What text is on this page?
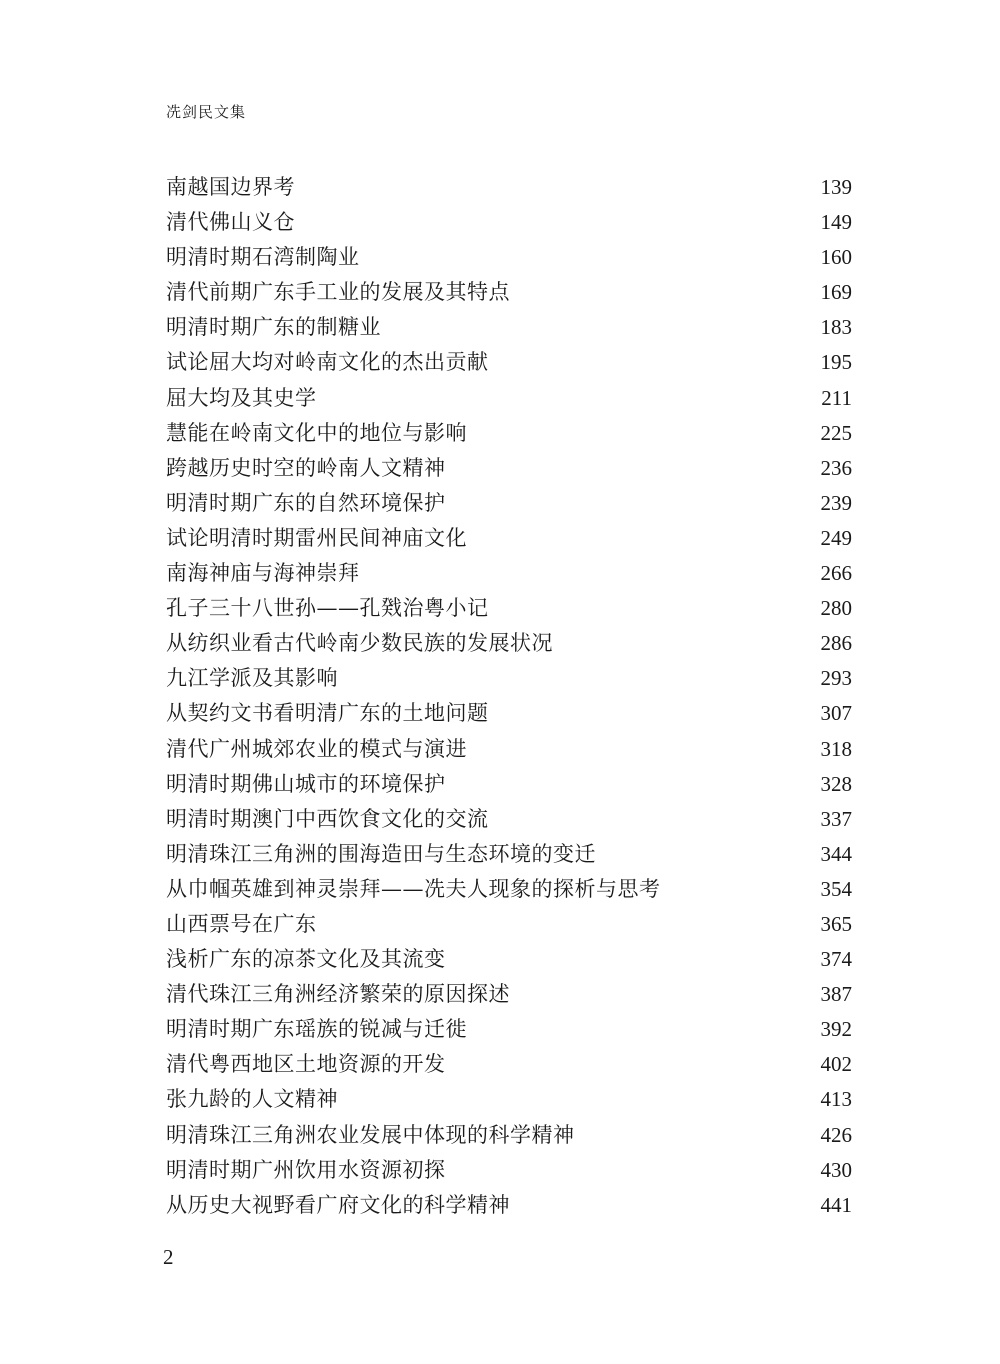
冼剑民文集
南越国边界考	139
清代佛山义仓	149
明清时期石湾制陶业	160
清代前期广东手工业的发展及其特点	169
明清时期广东的制糖业	183
试论屈大均对岭南文化的杰出贡献	195
屈大均及其史学	211
慧能在岭南文化中的地位与影响	225
跨越历史时空的岭南人文精神	236
明清时期广东的自然环境保护	239
试论明清时期雷州民间神庙文化	249
南海神庙与海神崇拜	266
孔子三十八世孙——孔戣治粤小记	280
从纺织业看古代岭南少数民族的发展状况	286
九江学派及其影响	293
从契约文书看明清广东的土地问题	307
清代广州城郊农业的模式与演进	318
明清时期佛山城市的环境保护	328
明清时期澳门中西饮食文化的交流	337
明清珠江三角洲的围海造田与生态环境的变迁	344
从巾帼英雄到神灵崇拜——冼夫人现象的探析与思考	354
山西票号在广东	365
浅析广东的凉茶文化及其流变	374
清代珠江三角洲经济繁荣的原因探述	387
明清时期广东瑶族的锐减与迁徙	392
清代粤西地区土地资源的开发	402
张九龄的人文精神	413
明清珠江三角洲农业发展中体现的科学精神	426
明清时期广州饮用水资源初探	430
从历史大视野看广府文化的科学精神	441
2
